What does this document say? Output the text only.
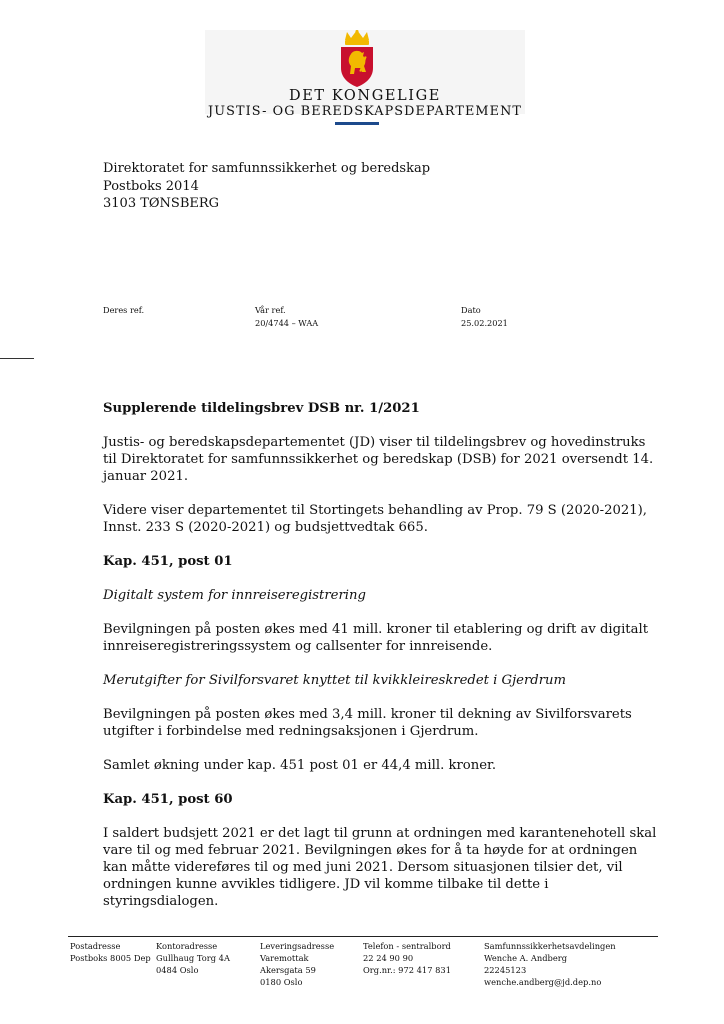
DET KONGELIGE
JUSTIS- OG BEREDSKAPSDEPARTEMENT
Direktoratet for samfunnssikkerhet og beredskap
Postboks 2014
3103 TØNSBERG
Deres ref.	Vår ref.
20/4744 – WAA
Dato
25.02.2021

Supplerende tildelingsbrev DSB nr. 1/2021

Justis- og beredskapsdepartementet (JD) viser til tildelingsbrev og hovedinstruks til Direktoratet for samfunnssikkerhet og beredskap (DSB) for 2021 oversendt 14. januar 2021.

Videre viser departementet til Stortingets behandling av Prop. 79 S (2020-2021), Innst. 233 S (2020-2021) og budsjettvedtak 665.

Kap. 451, post 01

Digitalt system for innreiseregistrering

Bevilgningen på posten økes med 41 mill. kroner til etablering og drift av digitalt innreiseregistreringssystem og callsenter for innreisende.

Merutgifter for Sivilforsvaret knyttet til kvikkleireskredet i Gjerdrum

Bevilgningen på posten økes med 3,4 mill. kroner til dekning av Sivilforsvarets utgifter i forbindelse med redningsaksjonen i Gjerdrum.

Samlet økning under kap. 451 post 01 er 44,4 mill. kroner.

Kap. 451, post 60

I saldert budsjett 2021 er det lagt til grunn at ordningen med karantenehotell skal vare til og med februar 2021. Bevilgningen økes for å ta høyde for at ordningen kan måtte videreføres til og med juni 2021. Dersom situasjonen tilsier det, vil ordningen kunne avvikles tidligere. JD vil komme tilbake til dette i styringsdialogen.

Postadresse
Postboks 8005 Dep
Kontoradresse
Gullhaug Torg 4A
0484 Oslo
Leveringsadresse
Varemottak
Akersgata 59
0180 Oslo
Telefon - sentralbord
22 24 90 90
Org.nr.: 972 417 831
Samfunnssikkerhetsavdelingen
Wenche A. Andberg
22245123
wenche.andberg@jd.dep.no
